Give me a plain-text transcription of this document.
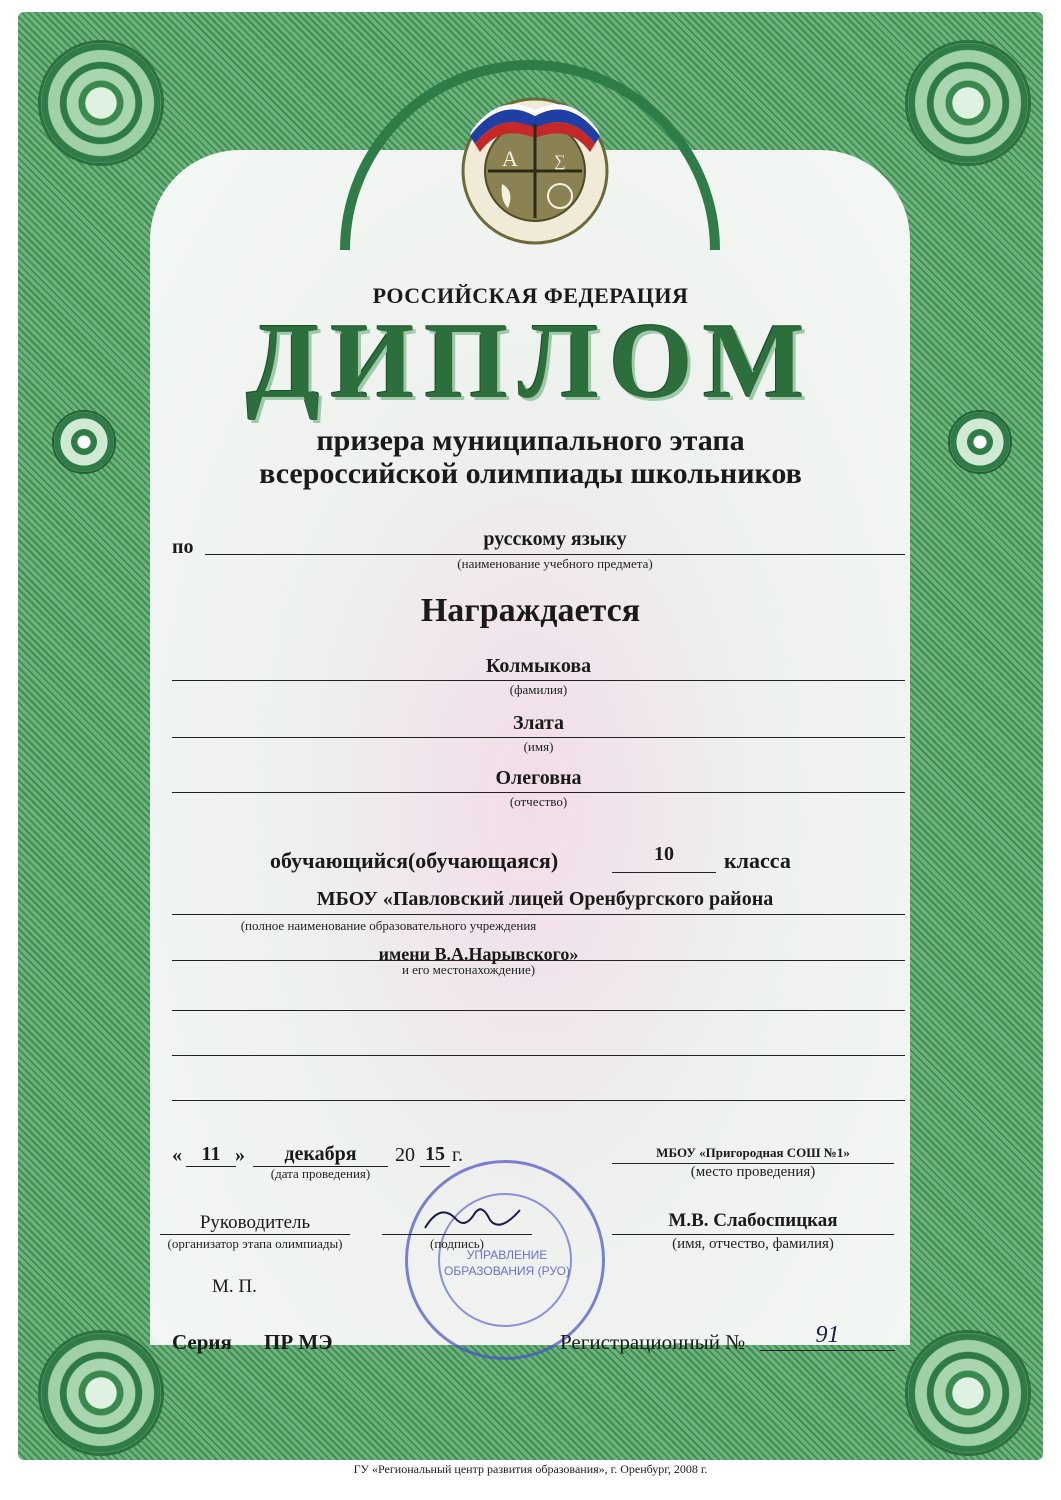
А ∑
РОССИЙСКАЯ ФЕДЕРАЦИЯ
ДИПЛОМ
призера муниципального этапа
всероссийской олимпиады школьников
по	русскому языку
(наименование учебного предмета)
Награждается
Колмыкова
(фамилия)
Злата
(имя)
Олеговна
(отчество)
обучающийся(обучающаяся)	10	класса
МБОУ «Павловский лицей Оренбургского района
(полное наименование образовательного учреждения
имени В.А.Нарывского»
и его местонахождение)
« 11 »	декабря
(дата проведения)
20 15 г.	МБОУ «Пригородная СОШ №1»
(место проведения)
УПРАВЛЕНИЕ ОБРАЗОВАНИЯ (РУО)
Руководитель
(организатор этапа олимпиады)	(подпись)
М.В. Слабоспицкая
(имя, отчество, фамилия)
М. П.
Серия ПР МЭ	Регистрационный №	91
ГУ «Региональный центр развития образования», г. Оренбург, 2008 г.
